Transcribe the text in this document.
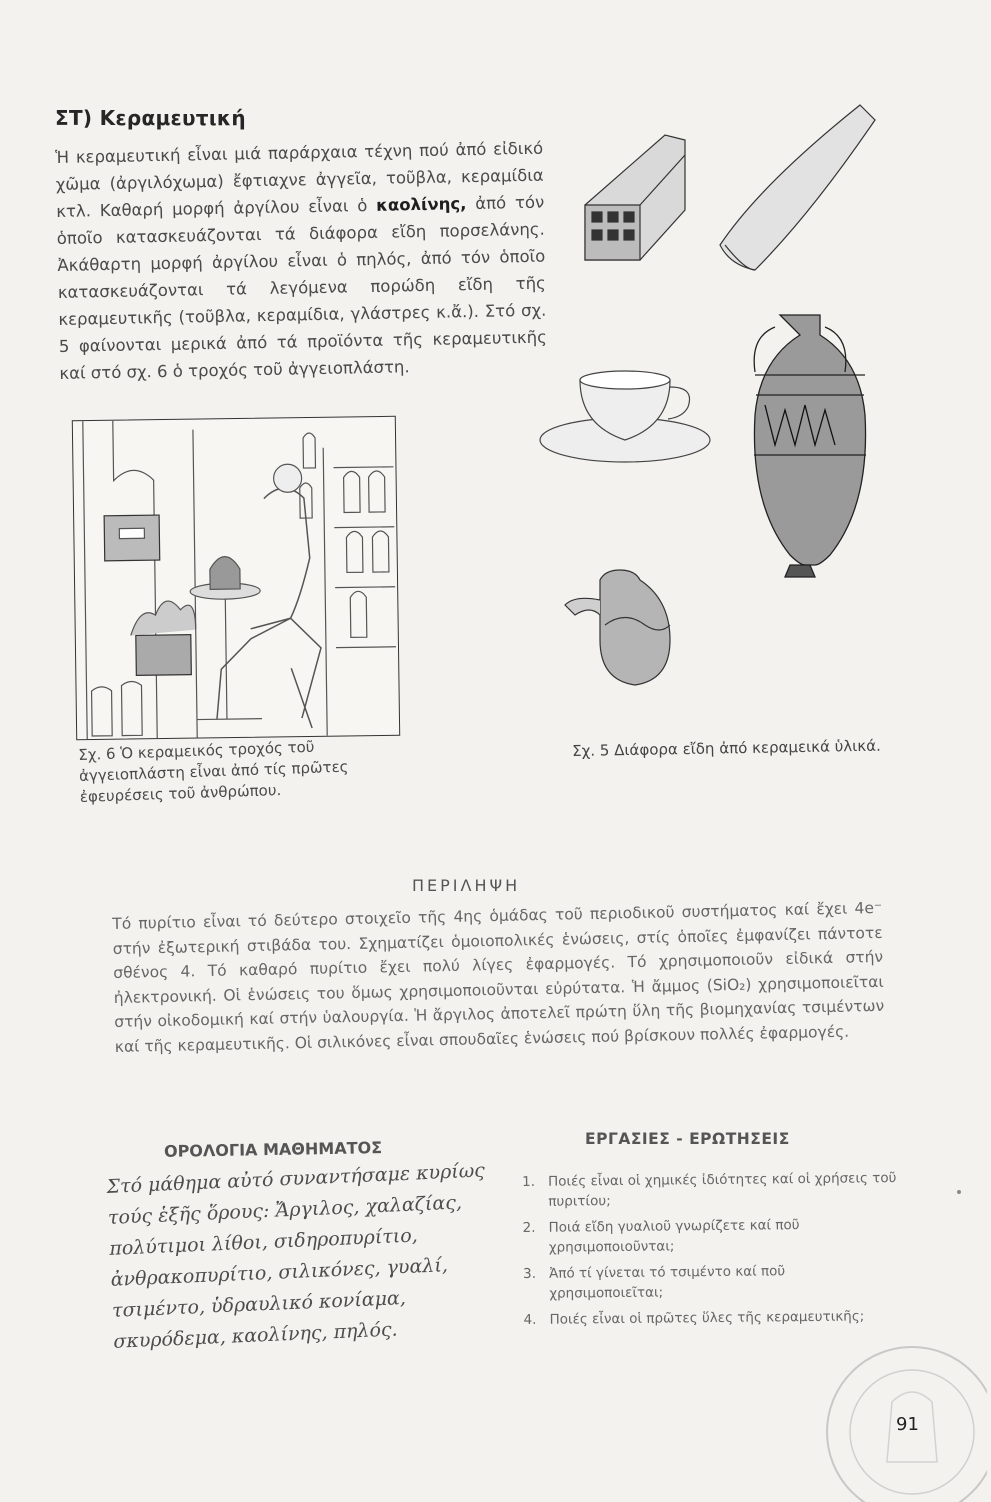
ΣΤ) Κεραμευτική

Ἡ κεραμευτική εἶναι μιά παράρχαια τέχνη πού ἀπό εἰδικό χῶμα (ἀργιλόχωμα) ἔφτιαχνε ἀγγεῖα, τοῦβλα, κεραμίδια κτλ. Καθαρή μορφή ἀργίλου εἶναι ὁ καολίνης, ἀπό τόν ὁποῖο κατασκευάζονται τά διάφορα εἴδη πορσελάνης. Ἀκάθαρτη μορφή ἀργίλου εἶναι ὁ πηλός, ἀπό τόν ὁποῖο κατασκευάζονται τά λεγόμενα πορώδη εἴδη τῆς κεραμευτικῆς (τοῦβλα, κεραμίδια, γλάστρες κ.ἄ.). Στό σχ. 5 φαίνονται μερικά ἀπό τά προϊόντα τῆς κεραμευτικῆς καί στό σχ. 6 ὁ τροχός τοῦ ἀγγειοπλάστη.

Σχ. 6 Ὁ κεραμεικός τροχός τοῦ ἀγγειοπλάστη εἶναι ἀπό τίς πρῶτες ἐφευρέσεις τοῦ ἀνθρώπου.

Σχ. 5 Διάφορα εἴδη ἀπό κεραμεικά ὑλικά.

ΠΕΡΙΛΗΨΗ

Τό πυρίτιο εἶναι τό δεύτερο στοιχεῖο τῆς 4ης ὁμάδας τοῦ περιοδικοῦ συστήματος καί ἔχει 4e⁻ στήν ἐξωτερική στιβάδα του. Σχηματίζει ὁμοιοπολικές ἑνώσεις, στίς ὁποῖες ἐμφανίζει πάντοτε σθένος 4. Τό καθαρό πυρίτιο ἔχει πολύ λίγες ἐφαρμογές. Τό χρησιμοποιοῦν εἰδικά στήν ἠλεκτρονική. Οἱ ἑνώσεις του ὅμως χρησιμοποιοῦνται εὐρύτατα. Ἡ ἄμμος (SiO₂) χρησιμοποιεῖται στήν οἰκοδομική καί στήν ὑαλουργία. Ἡ ἄργιλος ἀποτελεῖ πρώτη ὕλη τῆς βιομηχανίας τσιμέντων καί τῆς κεραμευτικῆς. Οἱ σιλικόνες εἶναι σπουδαῖες ἑνώσεις πού βρίσκουν πολλές ἐφαρμογές.

ΟΡΟΛΟΓΙΑ ΜΑΘΗΜΑΤΟΣ

Στό μάθημα αὐτό συναντήσαμε κυρίως τούς ἑξῆς ὅρους: Ἄργιλος, χαλαζίας, πολύτιμοι λίθοι, σιδηροπυρίτιο, ἀνθρακοπυρίτιο, σιλικόνες, γυαλί, τσιμέντο, ὑδραυλικό κονίαμα, σκυρόδεμα, καολίνης, πηλός.

ΕΡΓΑΣΙΕΣ - ΕΡΩΤΗΣΕΙΣ
1. Ποιές εἶναι οἱ χημικές ἰδιότητες καί οἱ χρήσεις τοῦ πυριτίου;
2. Ποιά εἴδη γυαλιοῦ γνωρίζετε καί ποῦ χρησιμοποιοῦνται;
3. Ἀπό τί γίνεται τό τσιμέντο καί ποῦ χρησιμοποιεῖται;
4. Ποιές εἶναι οἱ πρῶτες ὕλες τῆς κεραμευτικῆς;

91
